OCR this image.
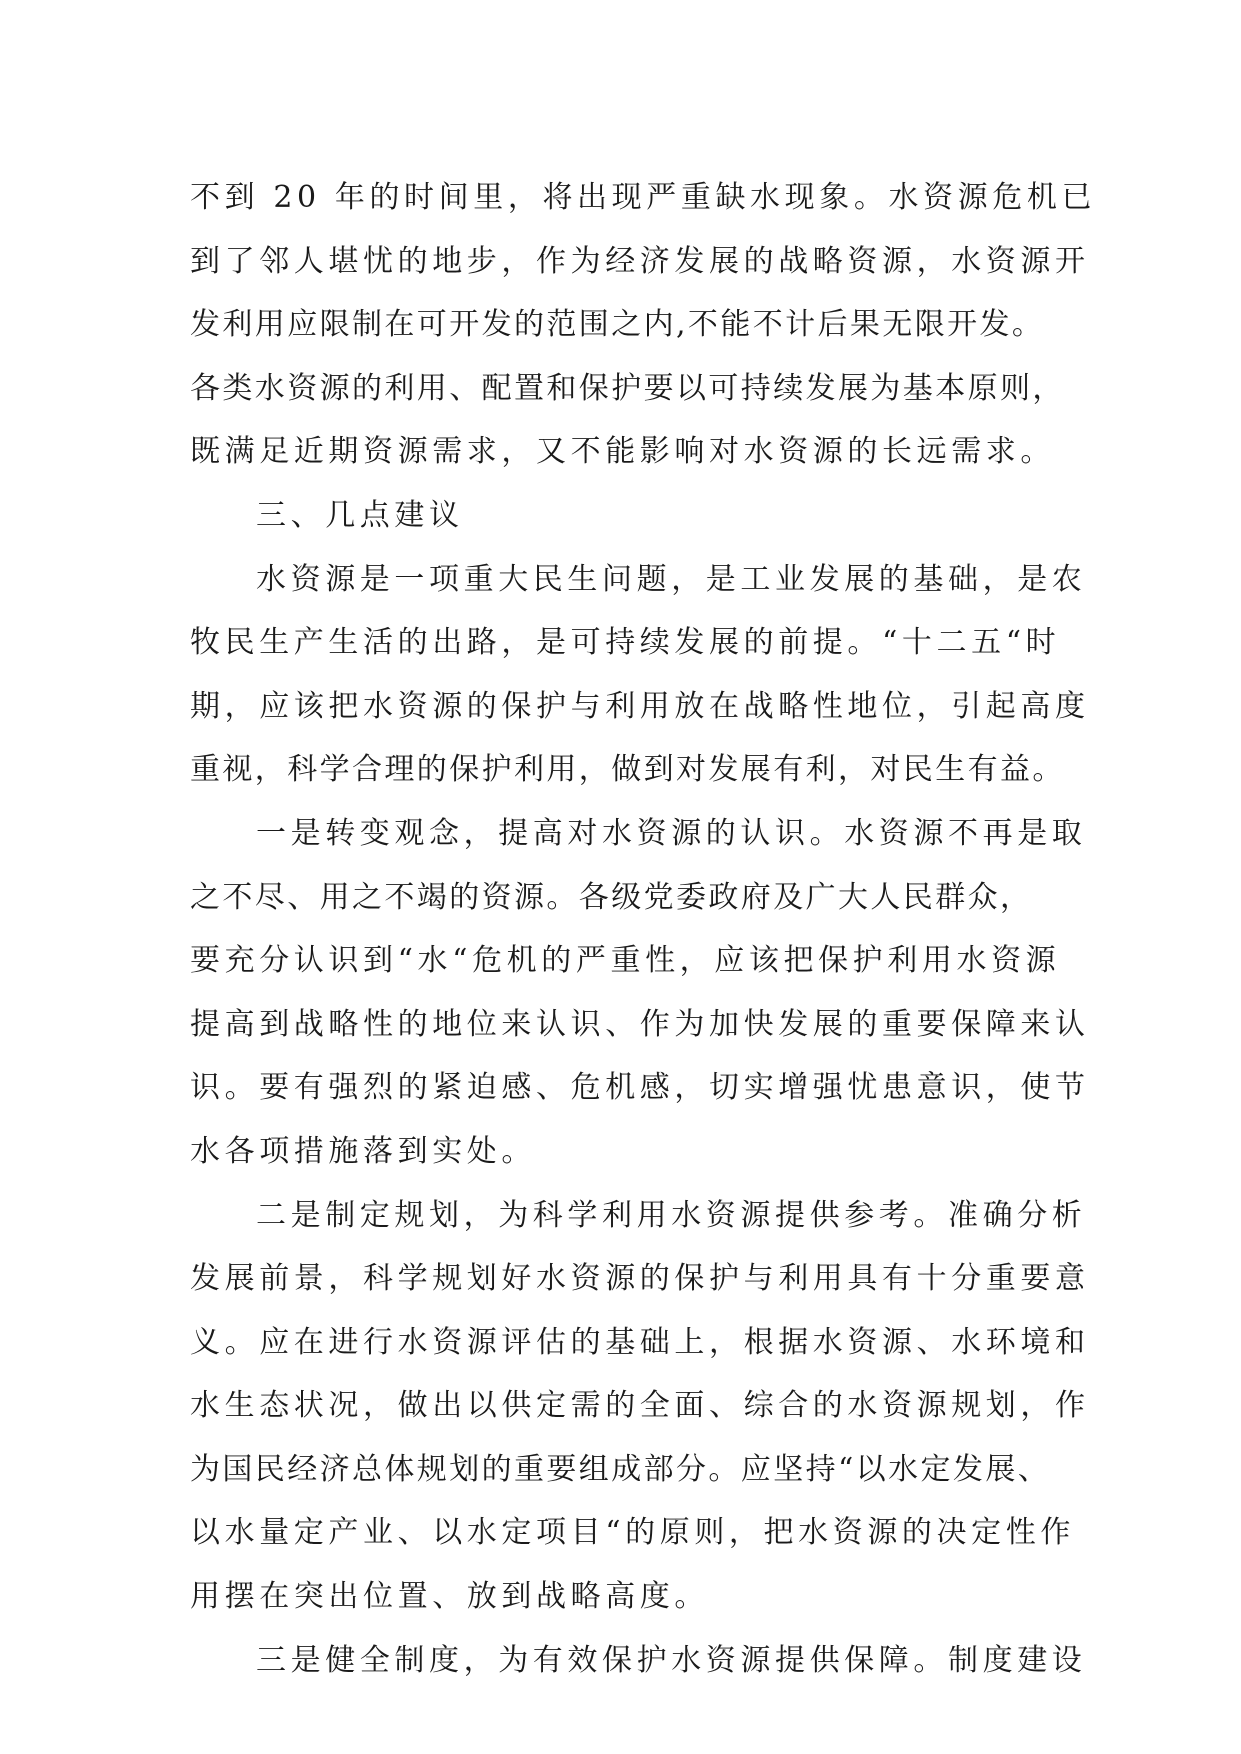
不到 20 年的时间里，将出现严重缺水现象。水资源危机已
到了邻人堪忧的地步，作为经济发展的战略资源，水资源开
发利用应限制在可开发的范围之内,不能不计后果无限开发。
各类水资源的利用、配置和保护要以可持续发展为基本原则，
既满足近期资源需求，又不能影响对水资源的长远需求。
三、几点建议
水资源是一项重大民生问题，是工业发展的基础，是农
牧民生产生活的出路，是可持续发展的前提。“十二五“时
期，应该把水资源的保护与利用放在战略性地位，引起高度
重视，科学合理的保护利用，做到对发展有利，对民生有益。
一是转变观念，提高对水资源的认识。水资源不再是取
之不尽、用之不竭的资源。各级党委政府及广大人民群众，
要充分认识到“水“危机的严重性，应该把保护利用水资源
提高到战略性的地位来认识、作为加快发展的重要保障来认
识。要有强烈的紧迫感、危机感，切实增强忧患意识，使节
水各项措施落到实处。
二是制定规划，为科学利用水资源提供参考。准确分析
发展前景，科学规划好水资源的保护与利用具有十分重要意
义。应在进行水资源评估的基础上，根据水资源、水环境和
水生态状况，做出以供定需的全面、综合的水资源规划，作
为国民经济总体规划的重要组成部分。应坚持“以水定发展、
以水量定产业、以水定项目“的原则，把水资源的决定性作
用摆在突出位置、放到战略高度。
三是健全制度，为有效保护水资源提供保障。制度建设
